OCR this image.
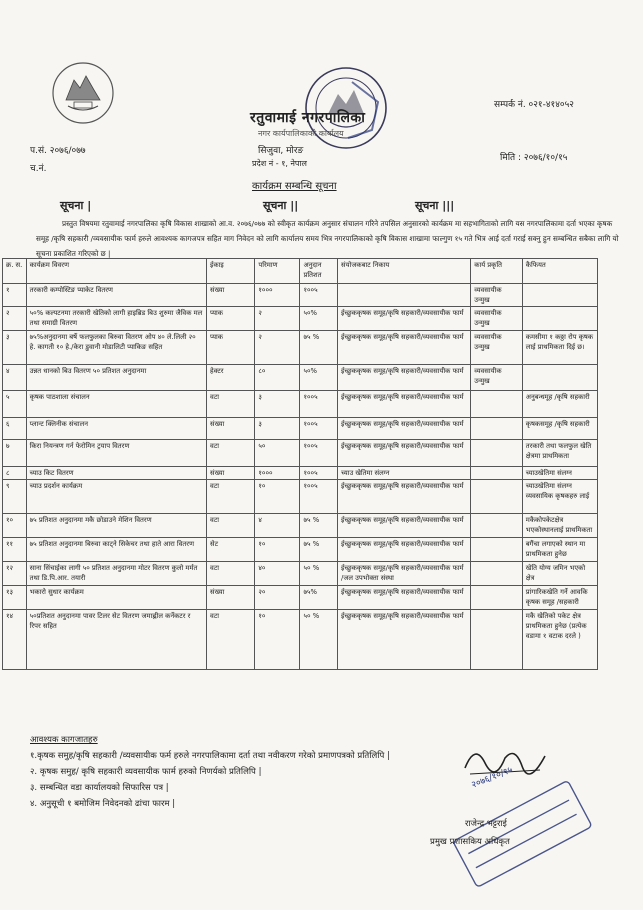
सम्पर्क नं. ०२१-४१४०५२
प.सं. २०७६/०७७
च.नं.
मिति : २०७६/१०/१५
रतुवामाई नगरपालिका
नगर कार्यपालिकाको कार्यालय
सिजुवा, मोरङ
प्रदेश नं - १, नेपाल
कार्यक्रम सम्बन्धि सूचना
सूचना |	सूचना ||	सूचना |||
प्रस्तुत विषयमा रतुवामाई नगरपालिका कृषि विकास शाखाको आ.व. २०७६/०७७ को स्वीकृत कार्यक्रम अनुसार संचालन गरिने तपसिल अनुसारको कार्यक्रम मा सहभागिताको लागि यस नगरपालिकामा दर्ता भएका कृषक समूह /कृषि सहकारी /व्यवसायीक फार्म हरुले आवश्यक कागजपत्र सहित माग निवेदन को लागि कार्यालय समय भित्र नगरपालिकाको कृषि विकास शाखामा फाल्गुण १५ गते भित्र आई दर्ता गराई सक्नु हुन सम्बन्धित सबैका लागि यो सूचना प्रकाशित गरिएको छ |
क्र. स.	कार्यक्रम विवरण	ईकाइ	परिमाण	अनुदान प्रतिशत	संयोजकबाट निकाय	कार्य प्रकृति	कैफियत
१	तरकारी कम्पोस्टिङ प्याकेट वितरण	संख्या	१०००	१००५		व्यवसायीक उन्मुख	
२	५०% कल्पटनमा तरकारी खेतिको लागी हाइब्रिड बिउ शुरुमा जैविक मल तथा समाग्री वितरण	प्याक	२	५०%	ईच्छुककृषक समूह/कृषि सहकारी/व्यवसायीक फार्म	व्यवसायीक उन्मुख	
३	७५%अनुदानमा बर्षे फलफुलका बिरुवा वितरण ओप ४० ले.लिली २० हे. कागती १० हे./केरा डुवानी मोडालिटी प्याकिङ सहित	प्याक	२	७५ %	ईच्छुककृषक समूह/कृषि सहकारी/व्यवसायीक फार्म	व्यवसायीक उन्मुख	कमसीमा १ कठ्ठा रोप कृषक लाई प्राथमिकता दिई छ।
४	उन्नत धानको बिउ वितरण ५० प्रतिशत अनुदानमा	हेक्टर	८०	५०%	ईच्छुककृषक समूह/कृषि सहकारी/व्यवसायीक फार्म	व्यवसायीक उन्मुख	
५	कृषक पाठशाला संचालन	वटा	३	१००५	ईच्छुककृषक समूह/कृषि सहकारी/व्यवसायीक फार्म		अनुबन्धमूह /कृषि सहकारी
६	प्लान्ट क्लिनीक संचालन	संख्या	३	१००५	ईच्छुककृषक समूह/कृषि सहकारी/व्यवसायीक फार्म		कृषकसमूह /कृषि सहकारी
७	किरा नियन्त्रण गर्न फेरोमिन ट्रयाप वितरण	वटा	५०	१००५	ईच्छुककृषक समूह/कृषि सहकारी/व्यवसायीक फार्म		तरकारी तथा फलफुल खेति क्षेत्रमा प्राथमिकता
८	च्याउ किट वितरण	संख्या	१०००	१००५	च्याउ खेतिमा संलग्न		च्याउखेतिमा संलग्न
९	च्याउ प्रदर्शन कार्यक्रम	वटा	१०	१००५	ईच्छुककृषक समूह/कृषि सहकारी/व्यवसायीक फार्म		च्याउखेतिमा संलग्न व्यवसायिक कृषकहरु लाई
१०	७५ प्रतिशत अनुदानमा मकै छोडाउने मेशिन वितरण	वटा	४	७५ %	ईच्छुककृषक समूह/कृषि सहकारी/व्यवसायीक फार्म		मकैकोपकेटक्षेत्र भएकोस्थानलाई प्राथमिकता
११	७५ प्रतिशत अनुदानमा बिरुवा काट्ने सिकेचर तथा हाते आरा वितरण	सेट	१०	७५ %	ईच्छुककृषक समूह/कृषि सहकारी/व्यवसायीक फार्म		बगैंचा लगाएको स्थान मा प्राथमिकता हुनेछ
१२	साना सिंचाईका लागी ५० प्रतिशत अनुदानमा मोटर वितरण कुलो मर्मत तथा डि.पि.आर. तयारी	वटा	४०	५० %	ईच्छुककृषक समूह/कृषि सहकारी/व्यवसायीक फार्म /जल उपभोक्ता संस्था		खेति योग्य जमिन भएको क्षेत्र
१३	भकारो सुधार कार्यक्रम	संख्या	२०	७५%	ईच्छुककृषक समूह/कृषि सहकारी/व्यवसायीक फार्म		प्रांगारिकखेति गर्ने आवकि कृषक समूह /सहकारी
१४	५०प्रतिशत अनुदानमा पावर टिलर सेट वितरण जमाह्नील कर्नेकटर र रिपर सहित	वटा	१०	५० %	ईच्छुककृषक समूह/कृषि सहकारी/व्यवसायीक फार्म		मकै खेतिको पकेट क्षेत्र प्राथमिकता हुनेछ (प्रत्येक वडामा १ वटाक दरले )
आवश्यक कागजातहरु
१.कृषक समुह/कृषि सहकारी /व्यवसायीक फर्म हरुले नगरपालिकामा दर्ता तथा नवीकरण गरेको प्रमाणपत्रको प्रतिलिपि |
२. कृषक समुह/ कृषि सहकारी व्यवसायीक फार्म हरुको निणर्यको प्रतिलिपि |
३. सम्बन्धित वडा कार्यालयको सिफारिस पत्र |
४. अनुसूची १ बमोजिम निवेदनको ढांचा फारम |
२०७६/१०/१५
राजेन्द्र भट्टराई
प्रमुख प्रशासकिय अधिकृत
